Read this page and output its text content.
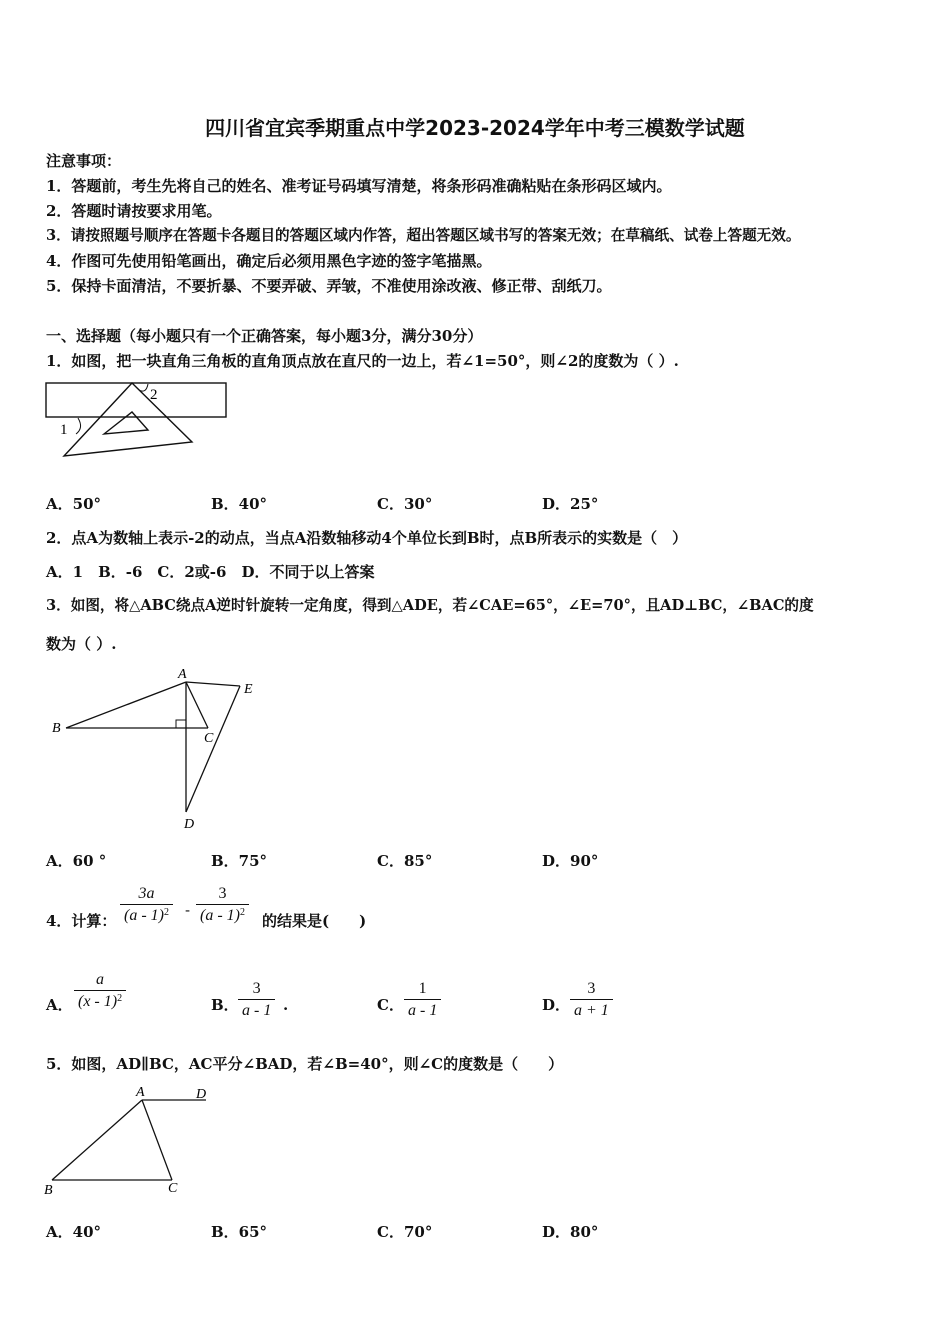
四川省宜宾季期重点中学2023-2024学年中考三模数学试题
注意事项：
1．答题前，考生先将自己的姓名、准考证号码填写清楚，将条形码准确粘贴在条形码区域内。
2．答题时请按要求用笔。
3．请按照题号顺序在答题卡各题目的答题区域内作答，超出答题区域书写的答案无效；在草稿纸、试卷上答题无效。
4．作图可先使用铅笔画出，确定后必须用黑色字迹的签字笔描黑。
5．保持卡面清洁，不要折暴、不要弄破、弄皱，不准使用涂改液、修正带、刮纸刀。
一、选择题（每小题只有一个正确答案，每小题3分，满分30分）
1．如图，把一块直角三角板的直角顶点放在直尺的一边上，若∠1=50°，则∠2的度数为（ ）.
2
1
A．50°	B．40°	C．30°	D．25°
2．点A为数轴上表示-2的动点，当点A沿数轴移动4个单位长到B时，点B所表示的实数是（　）
A．1　B．-6　C．2或-6　D．不同于以上答案
3．如图，将△ABC绕点A逆时针旋转一定角度，得到△ADE，若∠CAE=65°，∠E=70°，且AD⊥BC，∠BAC的度
数为（ ）.
A
B
C
D
E
A．60 °	B．75°	C．85°	D．90°
4．计算： $\frac{3a}{(a - 1)^2} - \frac{3}{(a - 1)^2}$ 的结果是(　　)
A． $\frac{a}{(x - 1)^2}$	B． $\frac{3}{a - 1}$ .	C． $\frac{1}{a - 1}$	D． $\frac{3}{a + 1}$
5．如图，AD∥BC，AC平分∠BAD，若∠B=40°，则∠C的度数是（　　）
A	D
B	C
A．40°	B．65°	C．70°	D．80°
